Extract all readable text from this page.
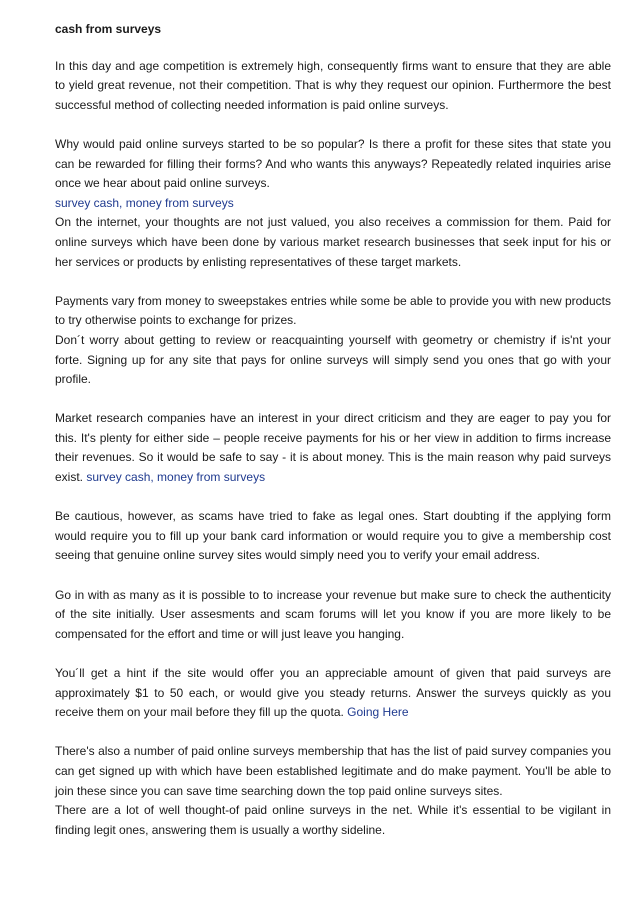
cash from surveys

In this day and age competition is extremely high, consequently firms want to ensure that they are able to yield great revenue, not their competition. That is why they request our opinion. Furthermore the best successful method of collecting needed information is paid online surveys.

Why would paid online surveys started to be so popular? Is there a profit for these sites that state you can be rewarded for filling their forms? And who wants this anyways? Repeatedly related inquiries arise once we hear about paid online surveys.

survey cash, money from surveys

On the internet, your thoughts are not just valued, you also receives a commission for them. Paid for online surveys which have been done by various market research businesses that seek input for his or her services or products by enlisting representatives of these target markets.

Payments vary from money to sweepstakes entries while some be able to provide you with new products to try otherwise points to exchange for prizes.

Don´t worry about getting to review or reacquainting yourself with geometry or chemistry if is'nt your forte. Signing up for any site that pays for online surveys will simply send you ones that go with your profile.

Market research companies have an interest in your direct criticism and they are eager to pay you for this. It's plenty for either side – people receive payments for his or her view in addition to firms increase their revenues. So it would be safe to say - it is about money. This is the main reason why paid surveys exist. survey cash, money from surveys

Be cautious, however, as scams have tried to fake as legal ones. Start doubting if the applying form would require you to fill up your bank card information or would require you to give a membership cost seeing that genuine online survey sites would simply need you to verify your email address.

Go in with as many as it is possible to to increase your revenue but make sure to check the authenticity of the site initially. User assesments and scam forums will let you know if you are more likely to be compensated for the effort and time or will just leave you hanging.

You´ll get a hint if the site would offer you an appreciable amount of given that paid surveys are approximately $1 to 50 each, or would give you steady returns. Answer the surveys quickly as you receive them on your mail before they fill up the quota. Going Here

There's also a number of paid online surveys membership that has the list of paid survey companies you can get signed up with which have been established legitimate and do make payment. You'll be able to join these since you can save time searching down the top paid online surveys sites.

There are a lot of well thought-of paid online surveys in the net. While it's essential to be vigilant in finding legit ones, answering them is usually a worthy sideline.
